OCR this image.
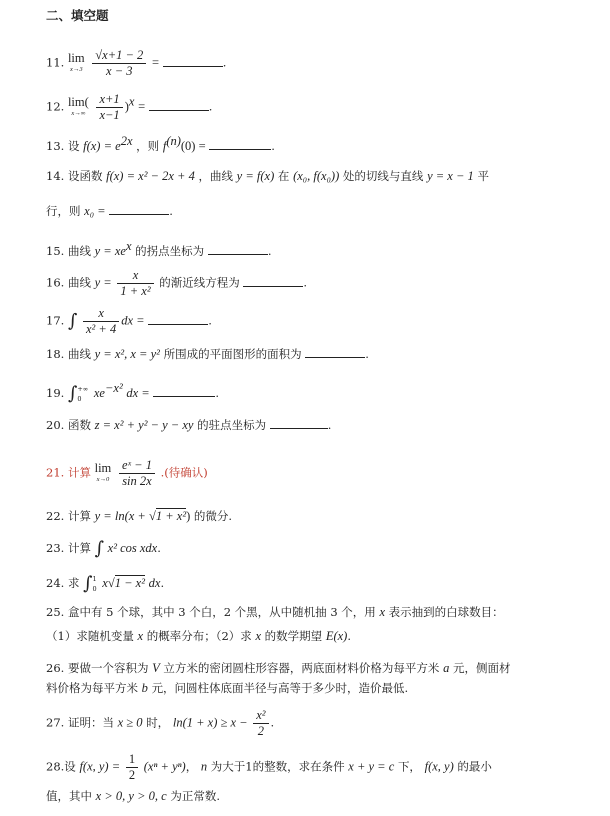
二、填空题
11. lim
x→3
$\frac{√x+1 - 2}{x - 3}$ =	.
12. lim(
x→∞
$\frac{x+1}{x-1} )^x$ =	.
13. 设 $f(x) = e^{2x}$ ，则 $f^{(n)}(0)$ =	.
14. 设函数 f(x) = x² − 2x + 4 ，曲线 y = f(x) 在 (x₀, f(x₀)) 处的切线与直线 y = x − 1 平
行，则 x₀ =	.
15. 曲线 $y = xe^x$ 的拐点坐标为	.
16. 曲线 $y = \frac{x}{\text{1 + x²}}$ 的渐近线方程为	.
17. ∫ $\frac{x}{\text{x² + 4}}$ dx =	.
18. 曲线 y = x², x = y² 所围成的平面图形的面积为	.
19. ∫ +∞
0 $xe^{-x^2}$ dx =	.
20. 函数 z = x² + y² − y − xy 的驻点坐标为	.
21. 计算 lim
x→0
$\frac{\text{eˣ − 1}}{\sin 2x}$ .(待确认)
22. 计算 y = ln(x + √1 + x²) 的微分.
23. 计算 ∫ x² cos xdx.
24. 求 ∫ 1
0 x√1 − x² dx.
25. 盒中有 5 个球，其中 3 个白，2 个黑，从中随机抽 3 个，用 x 表示抽到的白球数目：
（1）求随机变量 x 的概率分布；（2）求 x 的数学期望 E(x).
26. 要做一个容积为 V 立方米的密闭圆柱形容器，两底面材料价格为每平方米 a 元，侧面材
料价格为每平方米 b 元，问圆柱体底面半径与高等于多少时，造价最低.
27. 证明：当 x ≥ 0 时， $\ln(1 + x) \ge x - \frac{\text{x²}}{2}$ .
28.设 f(x, $y) = \frac{1}{2} (x^n + y^n)$， n 为大于1的整数，求在条件 x + y = c 下， f(x, y) 的最小
值，其中 x > 0, y > 0, c 为正常数.
